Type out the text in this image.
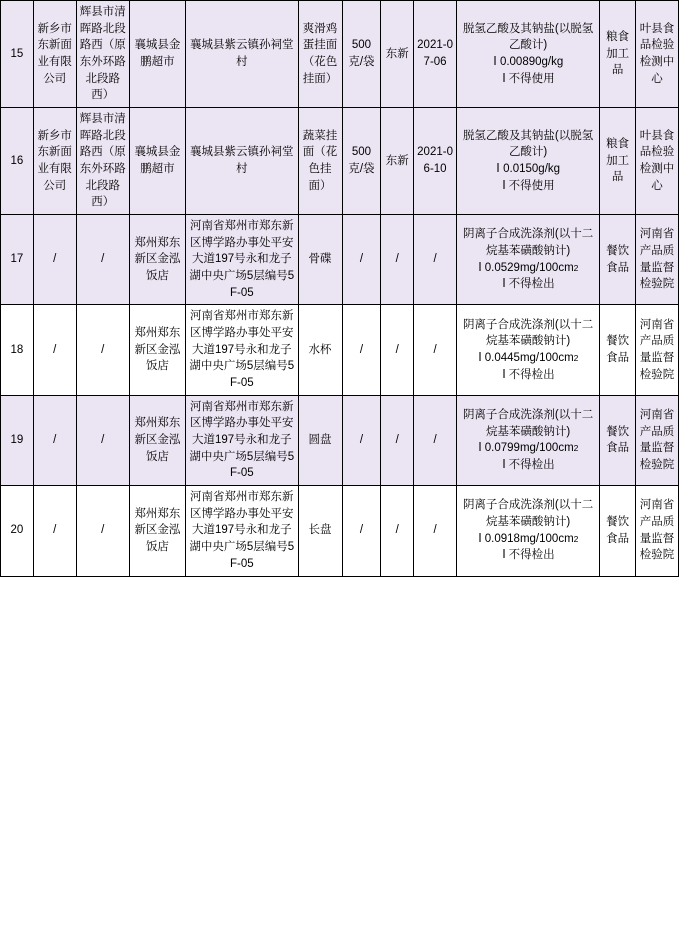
15	新乡市东新面业有限公司	辉县市清晖路北段路西（原东外环路北段路西）	襄城县金鹏超市	襄城县紫云镇孙祠堂村	爽滑鸡蛋挂面（花色挂面）	500克/袋	东新	2021-07-06	脱氢乙酸及其钠盐(以脱氢乙酸计)
‖ 0.00890g/kg
‖ 不得使用	粮食加工品	叶县食品检验检测中心
16	新乡市东新面业有限公司	辉县市清晖路北段路西（原东外环路北段路西）	襄城县金鹏超市	襄城县紫云镇孙祠堂村	蔬菜挂面（花色挂面）	500克/袋	东新	2021-06-10	脱氢乙酸及其钠盐(以脱氢乙酸计)
‖ 0.0150g/kg
‖ 不得使用	粮食加工品	叶县食品检验检测中心
17	/	/	郑州郑东新区金泓饭店	河南省郑州市郑东新区博学路办事处平安大道197号永和龙子湖中央广场5层编号5F-05	骨碟	/	/	/	阴离子合成洗涤剂(以十二烷基苯磺酸钠计)
‖ 0.0529mg/100cm2
‖ 不得检出	餐饮食品	河南省产品质量监督检验院
18	/	/	郑州郑东新区金泓饭店	河南省郑州市郑东新区博学路办事处平安大道197号永和龙子湖中央广场5层编号5F-05	水杯	/	/	/	阴离子合成洗涤剂(以十二烷基苯磺酸钠计)
‖ 0.0445mg/100cm2
‖ 不得检出	餐饮食品	河南省产品质量监督检验院
19	/	/	郑州郑东新区金泓饭店	河南省郑州市郑东新区博学路办事处平安大道197号永和龙子湖中央广场5层编号5F-05	圆盘	/	/	/	阴离子合成洗涤剂(以十二烷基苯磺酸钠计)
‖ 0.0799mg/100cm2
‖ 不得检出	餐饮食品	河南省产品质量监督检验院
20	/	/	郑州郑东新区金泓饭店	河南省郑州市郑东新区博学路办事处平安大道197号永和龙子湖中央广场5层编号5F-05	长盘	/	/	/	阴离子合成洗涤剂(以十二烷基苯磺酸钠计)
‖ 0.0918mg/100cm2
‖ 不得检出	餐饮食品	河南省产品质量监督检验院
